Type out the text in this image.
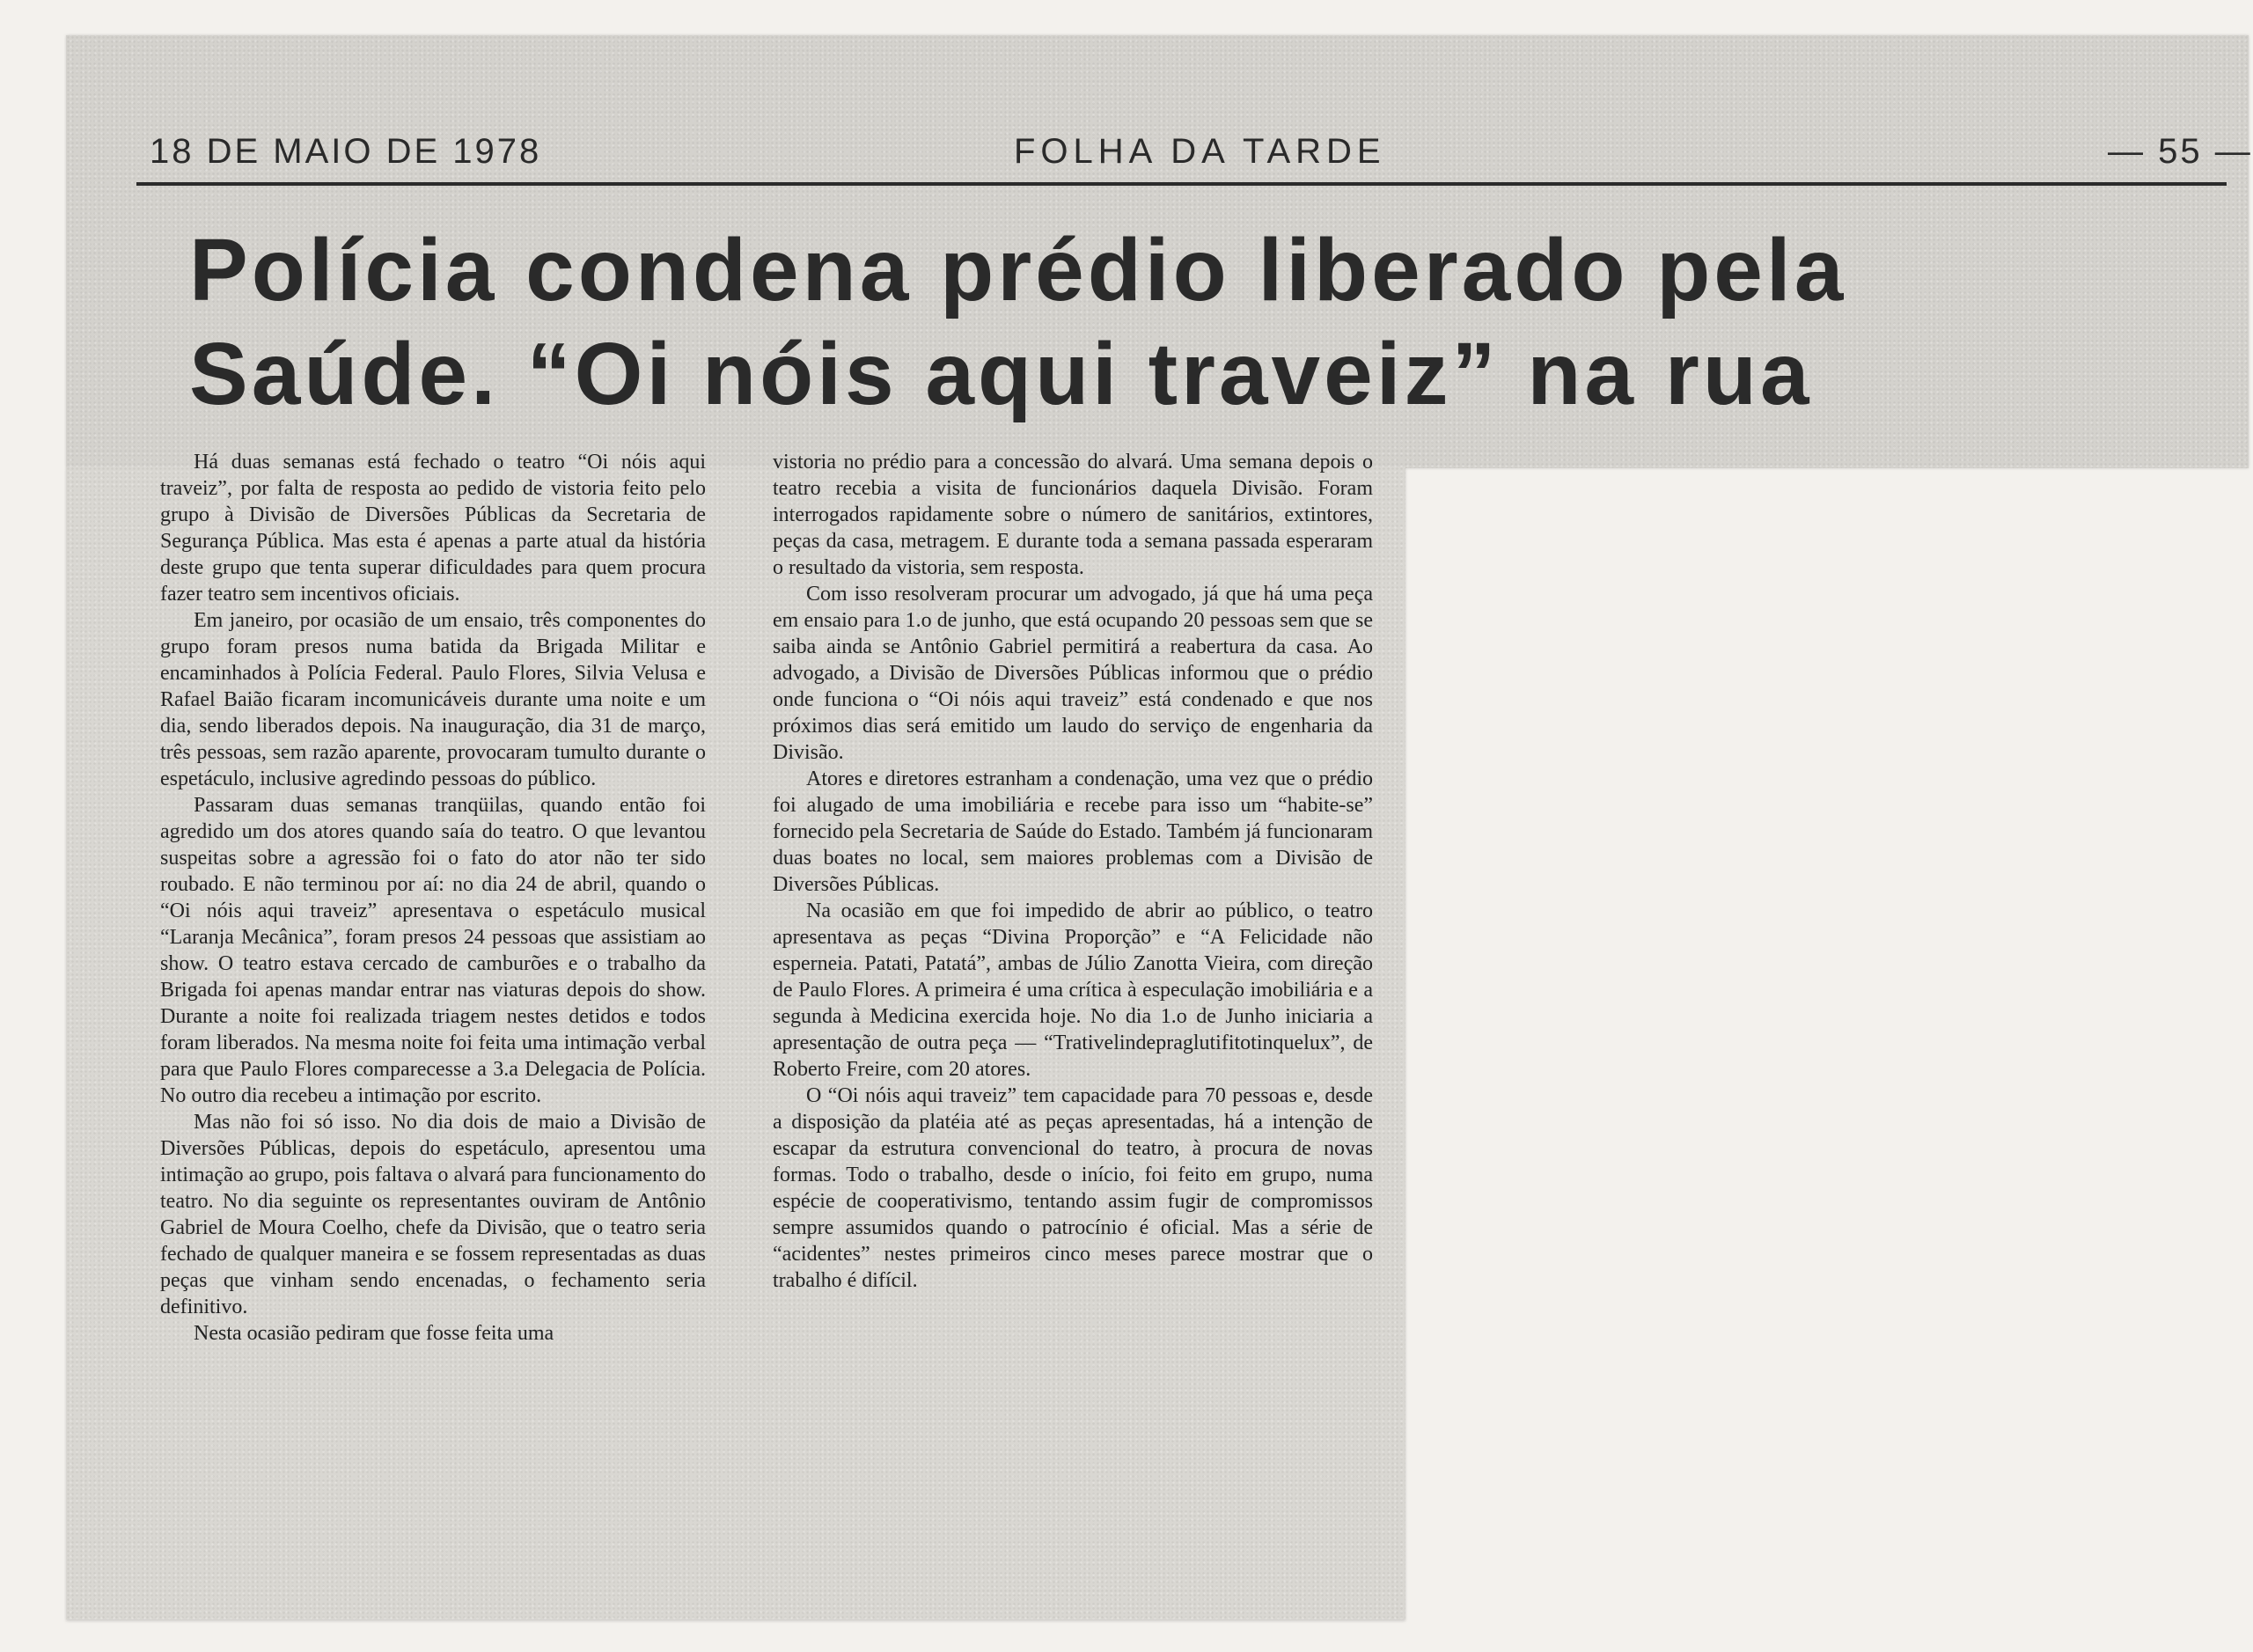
18 DE MAIO DE 1978	FOLHA DA TARDE	— 55 —
Polícia condena prédio liberado pela
Saúde. “Oi nóis aqui traveiz” na rua

Há duas semanas está fechado o teatro “Oi nóis aqui traveiz”, por falta de resposta ao pedido de vistoria feito pelo grupo à Divisão de Diversões Públicas da Secretaria de Segurança Pública. Mas esta é apenas a parte atual da história deste grupo que tenta superar dificuldades para quem procura fazer teatro sem incentivos oficiais.

Em janeiro, por ocasião de um ensaio, três componentes do grupo foram presos numa batida da Brigada Militar e encaminhados à Polícia Federal. Paulo Flores, Silvia Velusa e Rafael Baião ficaram incomunicáveis durante uma noite e um dia, sendo liberados depois. Na inauguração, dia 31 de março, três pessoas, sem razão aparente, provocaram tumulto durante o espetáculo, inclusive agredindo pessoas do público.

Passaram duas semanas tranqüilas, quando então foi agredido um dos atores quando saía do teatro. O que levantou suspeitas sobre a agressão foi o fato do ator não ter sido roubado. E não terminou por aí: no dia 24 de abril, quando o “Oi nóis aqui traveiz” apresentava o espetáculo musical “Laranja Mecânica”, foram presos 24 pessoas que assistiam ao show. O teatro estava cercado de camburões e o trabalho da Brigada foi apenas mandar entrar nas viaturas depois do show. Durante a noite foi realizada triagem nestes detidos e todos foram liberados. Na mesma noite foi feita uma intimação verbal para que Paulo Flores comparecesse a 3.a Delegacia de Polícia. No outro dia recebeu a intimação por escrito.

Mas não foi só isso. No dia dois de maio a Divisão de Diversões Públicas, depois do espetáculo, apresentou uma intimação ao grupo, pois faltava o alvará para funcionamento do teatro. No dia seguinte os representantes ouviram de Antônio Gabriel de Moura Coelho, chefe da Divisão, que o teatro seria fechado de qualquer maneira e se fossem representadas as duas peças que vinham sendo encenadas, o fechamento seria definitivo.

Nesta ocasião pediram que fosse feita uma

vistoria no prédio para a concessão do alvará. Uma semana depois o teatro recebia a visita de funcionários daquela Divisão. Foram interrogados rapidamente sobre o número de sanitários, extintores, peças da casa, metragem. E durante toda a semana passada esperaram o resultado da vistoria, sem resposta.

Com isso resolveram procurar um advogado, já que há uma peça em ensaio para 1.o de junho, que está ocupando 20 pessoas sem que se saiba ainda se Antônio Gabriel permitirá a reabertura da casa. Ao advogado, a Divisão de Diversões Públicas informou que o prédio onde funciona o “Oi nóis aqui traveiz” está condenado e que nos próximos dias será emitido um laudo do serviço de engenharia da Divisão.

Atores e diretores estranham a condenação, uma vez que o prédio foi alugado de uma imobiliária e recebe para isso um “habite-se” fornecido pela Secretaria de Saúde do Estado. Também já funcionaram duas boates no local, sem maiores problemas com a Divisão de Diversões Públicas.

Na ocasião em que foi impedido de abrir ao público, o teatro apresentava as peças “Divina Proporção” e “A Felicidade não esperneia. Patati, Patatá”, ambas de Júlio Zanotta Vieira, com direção de Paulo Flores. A primeira é uma crítica à especulação imobiliária e a segunda à Medicina exercida hoje. No dia 1.o de Junho iniciaria a apresentação de outra peça — “Trativelindepraglutifitotinquelux”, de Roberto Freire, com 20 atores.

O “Oi nóis aqui traveiz” tem capacidade para 70 pessoas e, desde a disposição da platéia até as peças apresentadas, há a intenção de escapar da estrutura convencional do teatro, à procura de novas formas. Todo o trabalho, desde o início, foi feito em grupo, numa espécie de cooperativismo, tentando assim fugir de compromissos sempre assumidos quando o patrocínio é oficial. Mas a série de “acidentes” nestes primeiros cinco meses parece mostrar que o trabalho é difícil.
